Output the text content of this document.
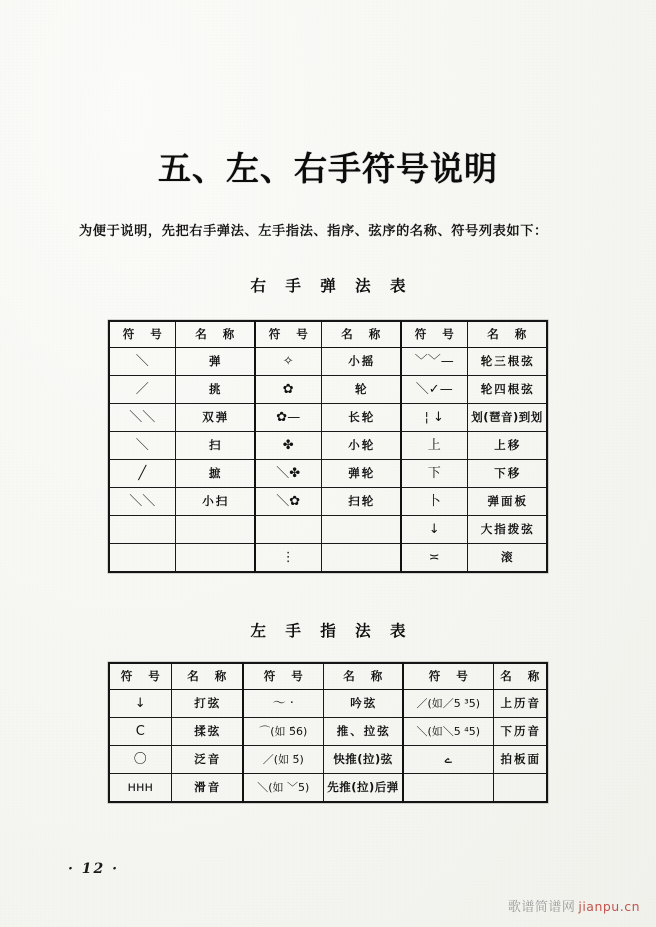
五、左、右手符号说明
为便于说明，先把右手弹法、左手指法、指序、弦序的名称、符号列表如下：
右 手 弹 法 表
符 号	名 称	符 号	名 称	符 号	名 称
＼	弹	✧	小摇	﹀﹀—	轮三根弦
／	挑	✿	轮	＼✓—	轮四根弦
＼＼	双弹	✿—	长轮	¦ ↓	划(琶音)到划
＼	扫	✤	小轮	上	上移
╱	摭	＼✤	弹轮	下	下移
＼＼	小扫	＼✿	扫轮	卜	弹面板
				↓	大指拨弦
		⋮		≍	滚
左 手 指 法 表
符 号	名 称	符 号	名 称	符 号	名 称
↓	打弦	〜 ·	吟弦	／(如／5 ³5)	上历音
Ϲ	揉弦	⌒(如 5̂6)	推、拉弦	＼(如＼5 ⁴5)	下历音
〇	泛音	／(如 5́)	快推(拉)弦	ے	拍板面
ннн	滑音	＼(如 ﹀5)	先推(拉)后弹		
· 12 ·
歌谱简谱网 jianpu.cn
